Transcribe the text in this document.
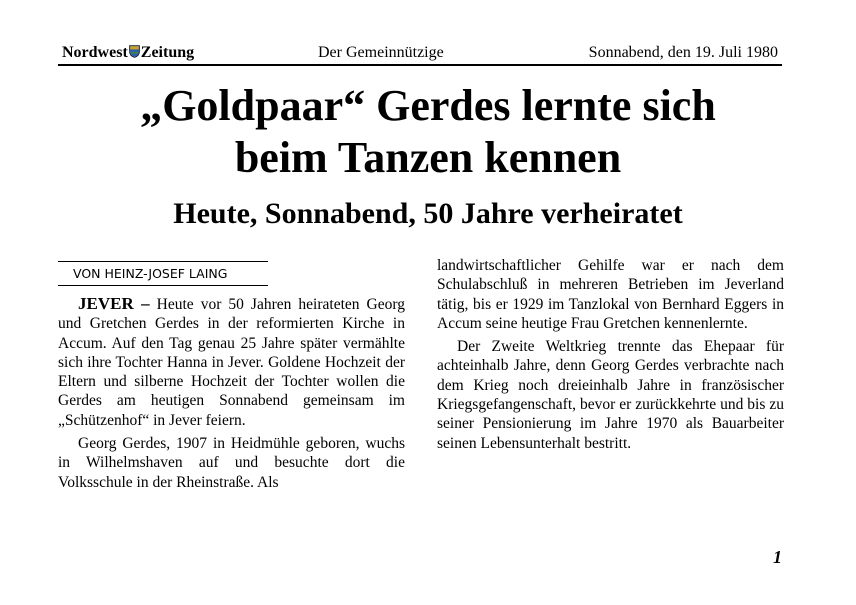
Nordwest Zeitung	Der Gemeinnützige	Sonnabend, den 19. Juli 1980
„Goldpaar“ Gerdes lernte sich
beim Tanzen kennen
Heute, Sonnabend, 50 Jahre verheiratet
VON HEINZ-JOSEF LAING

JEVER – Heute vor 50 Jahren heirateten Georg und Gretchen Gerdes in der reformierten Kirche in Accum. Auf den Tag genau 25 Jahre später vermählte sich ihre Tochter Hanna in Jever. Goldene Hochzeit der Eltern und silberne Hochzeit der Tochter wollen die Gerdes am heutigen Sonnabend gemeinsam im „Schützenhof“ in Jever feiern.

Georg Gerdes, 1907 in Heidmühle geboren, wuchs in Wilhelmshaven auf und besuchte dort die Volksschule in der Rheinstraße. Als

landwirtschaftlicher Gehilfe war er nach dem Schulabschluß in mehreren Betrieben im Jeverland tätig, bis er 1929 im Tanzlokal von Bernhard Eggers in Accum seine heutige Frau Gretchen kennenlernte.

Der Zweite Weltkrieg trennte das Ehepaar für achteinhalb Jahre, denn Georg Gerdes verbrachte nach dem Krieg noch dreieinhalb Jahre in französischer Kriegsgefangenschaft, bevor er zurückkehrte und bis zu seiner Pensionierung im Jahre 1970 als Bauarbeiter seinen Lebensunterhalt bestritt.

1
